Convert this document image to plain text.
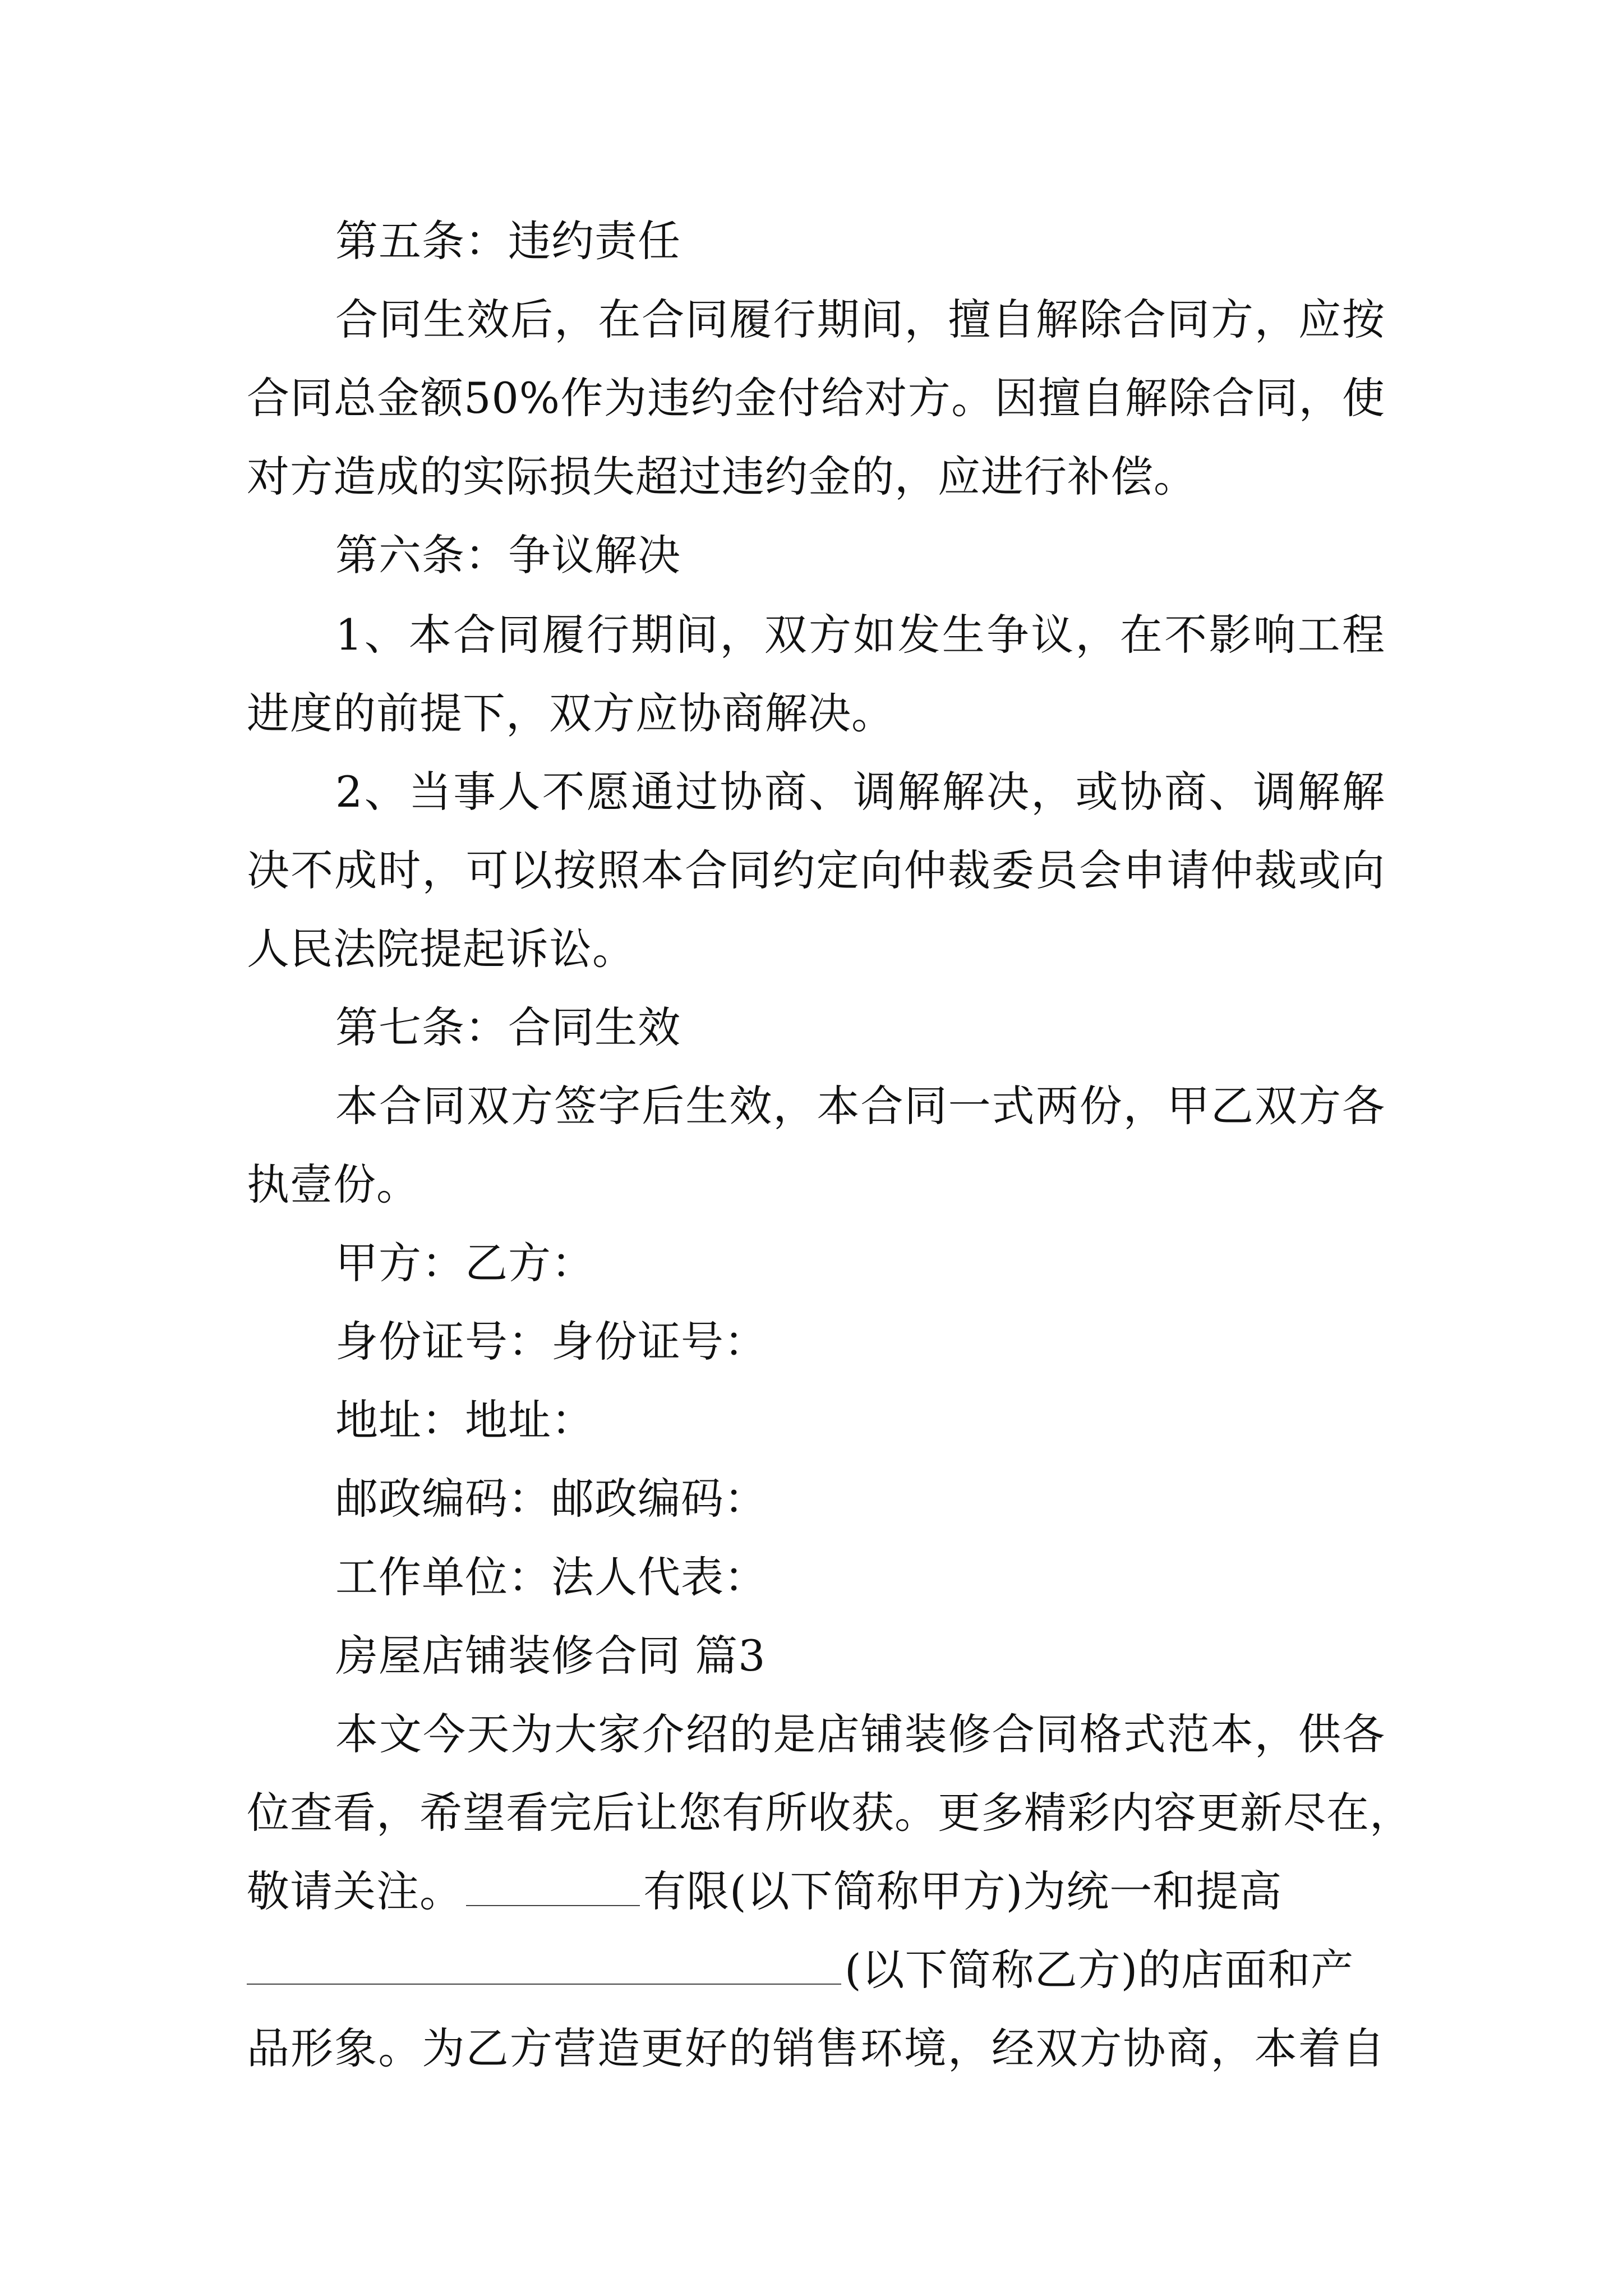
第五条：违约责任
合同生效后，在合同履行期间，擅自解除合同方，应按
合同总金额50%作为违约金付给对方。因擅自解除合同，使
对方造成的实际损失超过违约金的，应进行补偿。
第六条：争议解决
1、本合同履行期间，双方如发生争议，在不影响工程
进度的前提下，双方应协商解决。
2、当事人不愿通过协商、调解解决，或协商、调解解
决不成时，可以按照本合同约定向仲裁委员会申请仲裁或向
人民法院提起诉讼。
第七条：合同生效
本合同双方签字后生效，本合同一式两份，甲乙双方各
执壹份。
甲方：乙方：
身份证号：身份证号：
地址：地址：
邮政编码：邮政编码：
工作单位：法人代表：
房屋店铺装修合同 篇3
本文今天为大家介绍的是店铺装修合同格式范本，供各
位查看，希望看完后让您有所收获。更多精彩内容更新尽在，
敬请关注。	有限(以下简称甲方)为统一和提高
(以下简称乙方)的店面和产
品形象。为乙方营造更好的销售环境，经双方协商，本着自
